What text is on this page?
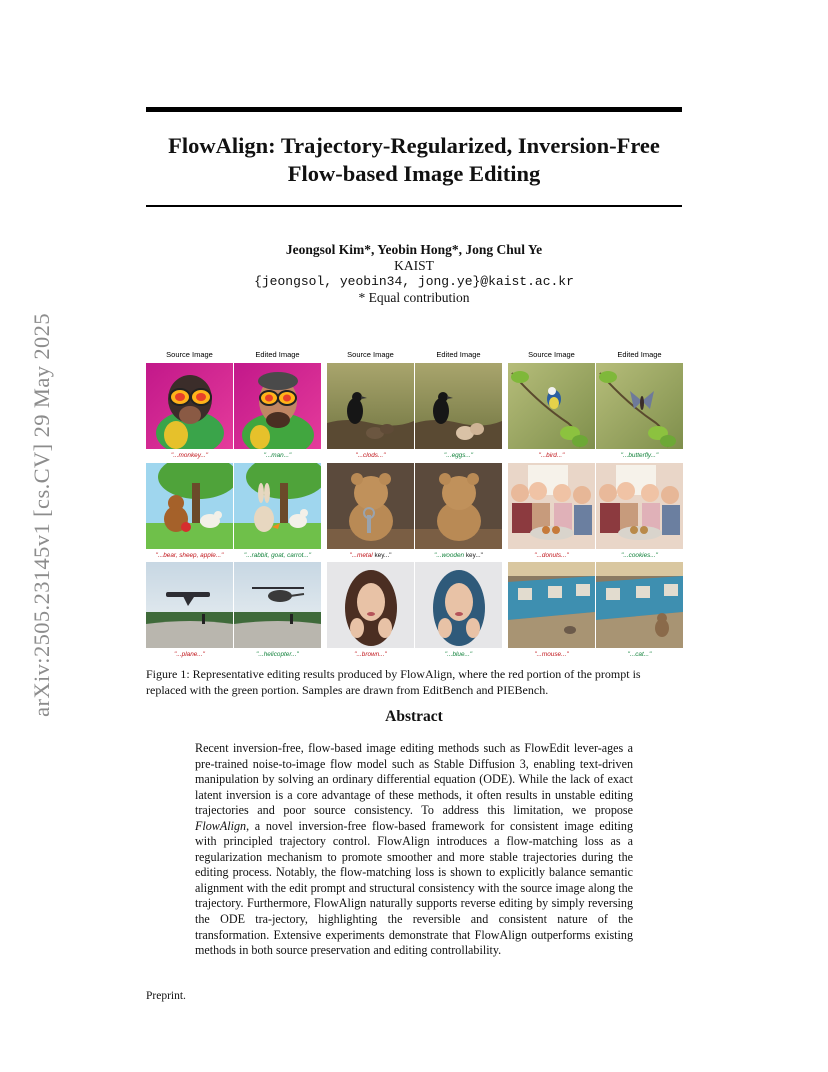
arXiv:2505.23145v1 [cs.CV] 29 May 2025
FlowAlign: Trajectory-Regularized, Inversion-Free
Flow-based Image Editing
Jeongsol Kim*, Yeobin Hong*, Jong Chul Ye
KAIST
{jeongsol, yeobin34, jong.ye}@kaist.ac.kr
* Equal contribution
Source Image	Edited Image	Source Image	Edited Image	Source Image	Edited Image
"...monkey..."	"...man..."	"...clods..."	"...eggs..."	"...bird..."	"...butterfly..."
"...bear, sheep, apple..."	"...rabbit, goat, carrot..."	"...metal key..."	"...wooden key..."	"...donuts..."	"...cookies..."
"...plane..."	"...helicopter..."	"...brown..."	"...blue..."	"...mouse..."	"...cat..."
Figure 1: Representative editing results produced by FlowAlign, where the red portion of the prompt is replaced with the green portion. Samples are drawn from EditBench and PIEBench.
Abstract
Recent inversion-free, flow-based image editing methods such as FlowEdit lever-ages a pre-trained noise-to-image flow model such as Stable Diffusion 3, enabling text-driven manipulation by solving an ordinary differential equation (ODE). While the lack of exact latent inversion is a core advantage of these methods, it often results in unstable editing trajectories and poor source consistency. To address this limitation, we propose FlowAlign, a novel inversion-free flow-based framework for consistent image editing with principled trajectory control. FlowAlign introduces a flow-matching loss as a regularization mechanism to promote smoother and more stable trajectories during the editing process. Notably, the flow-matching loss is shown to explicitly balance semantic alignment with the edit prompt and structural consistency with the source image along the trajectory. Furthermore, FlowAlign naturally supports reverse editing by simply reversing the ODE tra-jectory, highlighting the reversible and consistent nature of the transformation. Extensive experiments demonstrate that FlowAlign outperforms existing methods in both source preservation and editing controllability.
Preprint.
